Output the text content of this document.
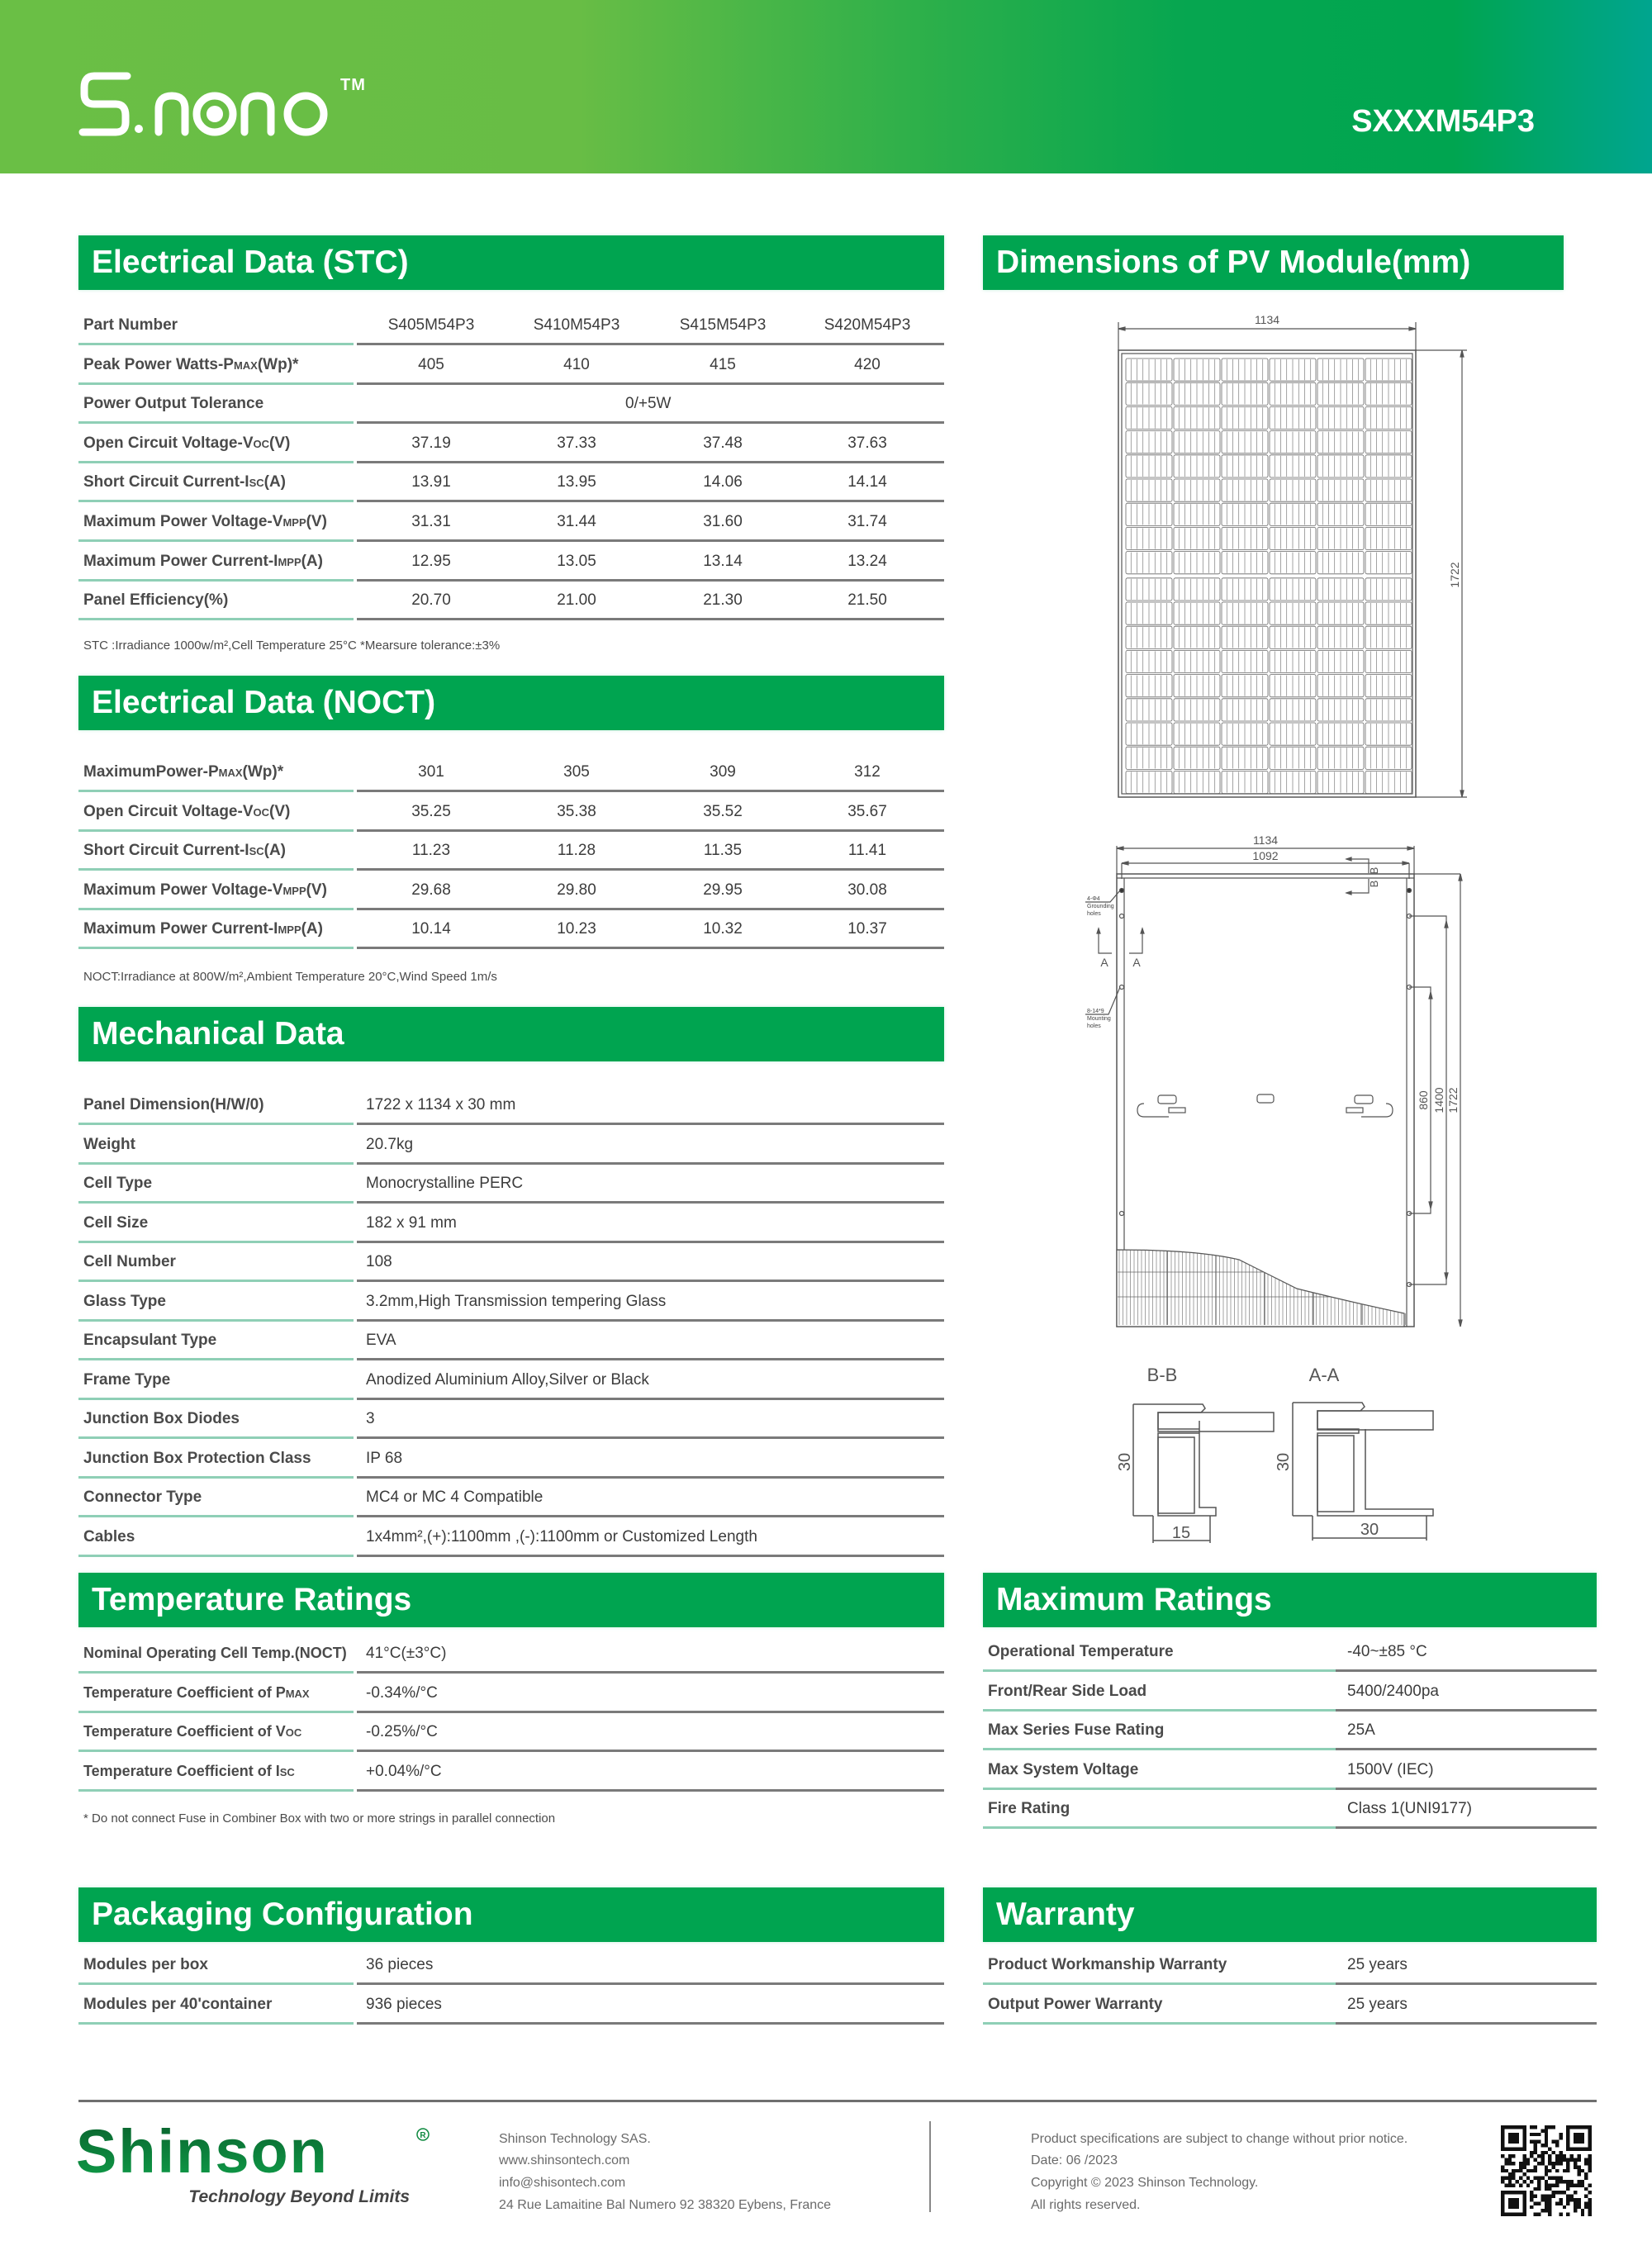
TM
SXXXM54P3
Electrical Data (STC)
Part Number	S405M54P3	S410M54P3	S415M54P3	S420M54P3
Peak Power Watts-PMAX(Wp)*	405	410	415	420
Power Output Tolerance	0/+5W
Open Circuit Voltage-VOC(V)	37.19	37.33	37.48	37.63
Short Circuit Current-ISC(A)	13.91	13.95	14.06	14.14
Maximum Power Voltage-VMPP(V)	31.31	31.44	31.60	31.74
Maximum Power Current-IMPP(A)	12.95	13.05	13.14	13.24
Panel Efficiency(%)	20.70	21.00	21.30	21.50
STC :Irradiance 1000w/m²,Cell Temperature 25°C *Mearsure tolerance:±3%
Electrical Data (NOCT)
MaximumPower-PMAX(Wp)*	301	305	309	312
Open Circuit Voltage-VOC(V)	35.25	35.38	35.52	35.67
Short Circuit Current-ISC(A)	11.23	11.28	11.35	11.41
Maximum Power Voltage-VMPP(V)	29.68	29.80	29.95	30.08
Maximum Power Current-IMPP(A)	10.14	10.23	10.32	10.37
NOCT:Irradiance at 800W/m²,Ambient Temperature 20°C,Wind Speed 1m/s
Mechanical Data
Panel Dimension(H/W/0)	1722 x 1134 x 30 mm
Weight	20.7kg
Cell Type	Monocrystalline PERC
Cell Size	182 x 91 mm
Cell Number	108
Glass Type	3.2mm,High Transmission tempering Glass
Encapsulant Type	EVA
Frame Type	Anodized Aluminium Alloy,Silver or Black
Junction Box Diodes	3
Junction Box Protection Class	IP 68
Connector Type	MC4 or MC 4 Compatible
Cables	1x4mm²,(+):1100mm ,(-):1100mm or Customized Length
Temperature Ratings
Nominal Operating Cell Temp.(NOCT) 41°C(±3°C)
Temperature Coefficient of PMAX	-0.34%/°C
Temperature Coefficient of VOC	-0.25%/°C
Temperature Coefficient of ISC	+0.04%/°C
* Do not connect Fuse in Combiner Box with two or more strings in parallel connection
Packaging Configuration
Modules per box	36 pieces
Modules per 40'container	936 pieces
Dimensions of PV Module(mm)
1134
1722
1134
1092
B
B
A A
4-Φ4
Grounding
holes
8-14*9
Mounting
holes
860 1400 1722
B-B	A-A
30
15
30
30
Maximum Ratings
Operational Temperature	-40~±85 °C
Front/Rear Side Load	5400/2400pa
Max Series Fuse Rating	25A
Max System Voltage	1500V (IEC)
Fire Rating	Class 1(UNI9177)
Warranty
Product Workmanship Warranty	25 years
Output Power Warranty	25 years
Shinson	R
Technology Beyond Limits
Shinson Technology SAS.
www.shinsontech.com
info@shisontech.com
24 Rue Lamaitine Bal Numero 92 38320 Eybens, France
Product specifications are subject to change without prior notice.
Date: 06 /2023
Copyright © 2023 Shinson Technology.
All rights reserved.
